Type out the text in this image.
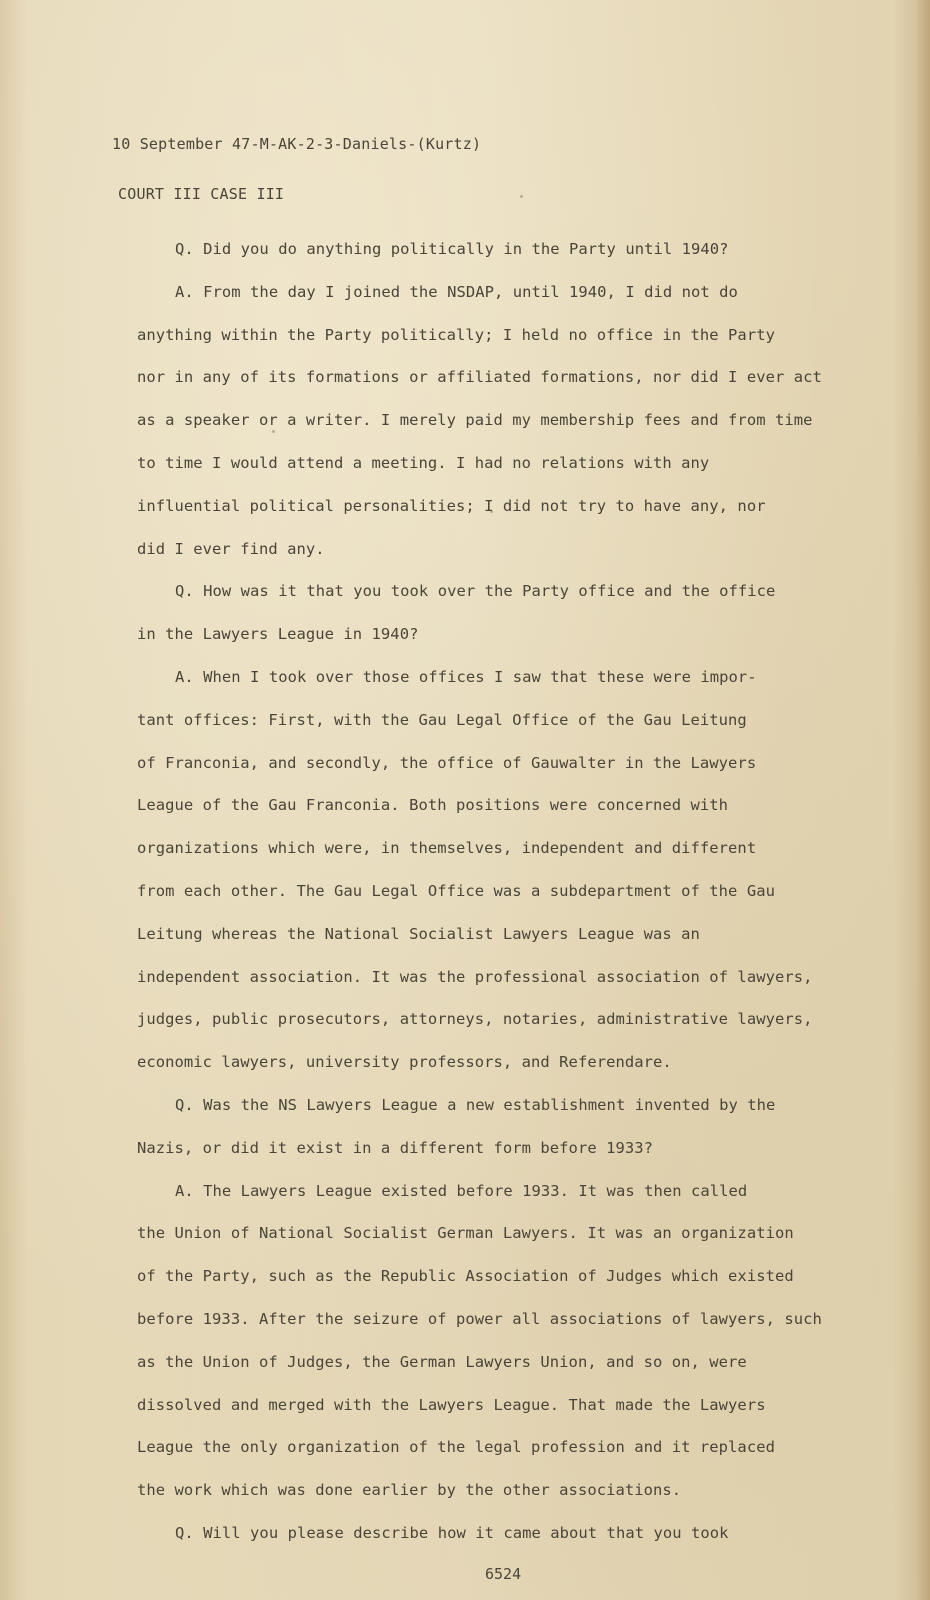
10 September 47-M-AK-2-3-Daniels-(Kurtz)
COURT III CASE III
Q. Did you do anything politically in the Party until 1940?
A. From the day I joined the NSDAP, until 1940, I did not do
anything within the Party politically; I held no office in the Party
nor in any of its formations or affiliated formations, nor did I ever act
as a speaker or a writer. I merely paid my membership fees and from time
to time I would attend a meeting. I had no relations with any
influential political personalities; I did not try to have any, nor
did I ever find any.
Q. How was it that you took over the Party office and the office
in the Lawyers League in 1940?
A. When I took over those offices I saw that these were impor-
tant offices: First, with the Gau Legal Office of the Gau Leitung
of Franconia, and secondly, the office of Gauwalter in the Lawyers
League of the Gau Franconia. Both positions were concerned with
organizations which were, in themselves, independent and different
from each other. The Gau Legal Office was a subdepartment of the Gau
Leitung whereas the National Socialist Lawyers League was an
independent association. It was the professional association of lawyers,
judges, public prosecutors, attorneys, notaries, administrative lawyers,
economic lawyers, university professors, and Referendare.
Q. Was the NS Lawyers League a new establishment invented by the
Nazis, or did it exist in a different form before 1933?
A. The Lawyers League existed before 1933. It was then called
the Union of National Socialist German Lawyers. It was an organization
of the Party, such as the Republic Association of Judges which existed
before 1933. After the seizure of power all associations of lawyers, such
as the Union of Judges, the German Lawyers Union, and so on, were
dissolved and merged with the Lawyers League. That made the Lawyers
League the only organization of the legal profession and it replaced
the work which was done earlier by the other associations.
Q. Will you please describe how it came about that you took
6524
